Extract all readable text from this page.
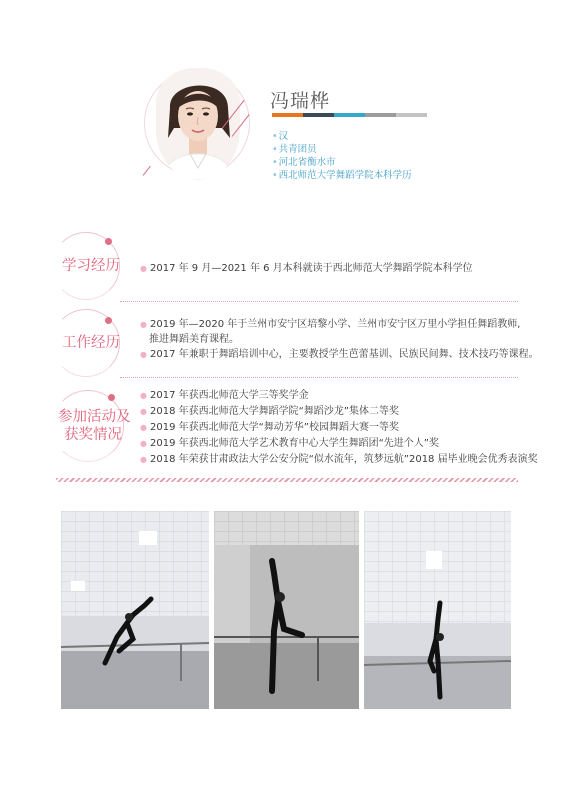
冯瑞桦
•汉
•共青团员
•河北省衡水市
•西北师范大学舞蹈学院本科学历
学习经历	● 2017 年 9 月—2021 年 6 月本科就读于西北师范大学舞蹈学院本科学位
工作经历
● 2019 年—2020 年于兰州市安宁区培黎小学、兰州市安宁区万里小学担任舞蹈教师,
推进舞蹈美育课程。
● 2017 年兼职于舞蹈培训中心，主要教授学生芭蕾基训、民族民间舞、技术技巧等课程。
参加活动及
获奖情况
● 2017 年获西北师范大学三等奖学金
● 2018 年获西北师范大学舞蹈学院“舞蹈沙龙”集体二等奖
● 2019 年获西北师范大学“舞动芳华”校园舞蹈大赛一等奖
● 2019 年获西北师范大学艺术教育中心大学生舞蹈团“先进个人”奖
● 2018 年荣获甘肃政法大学公安分院“似水流年，筑梦远航”2018 届毕业晚会优秀表演奖
